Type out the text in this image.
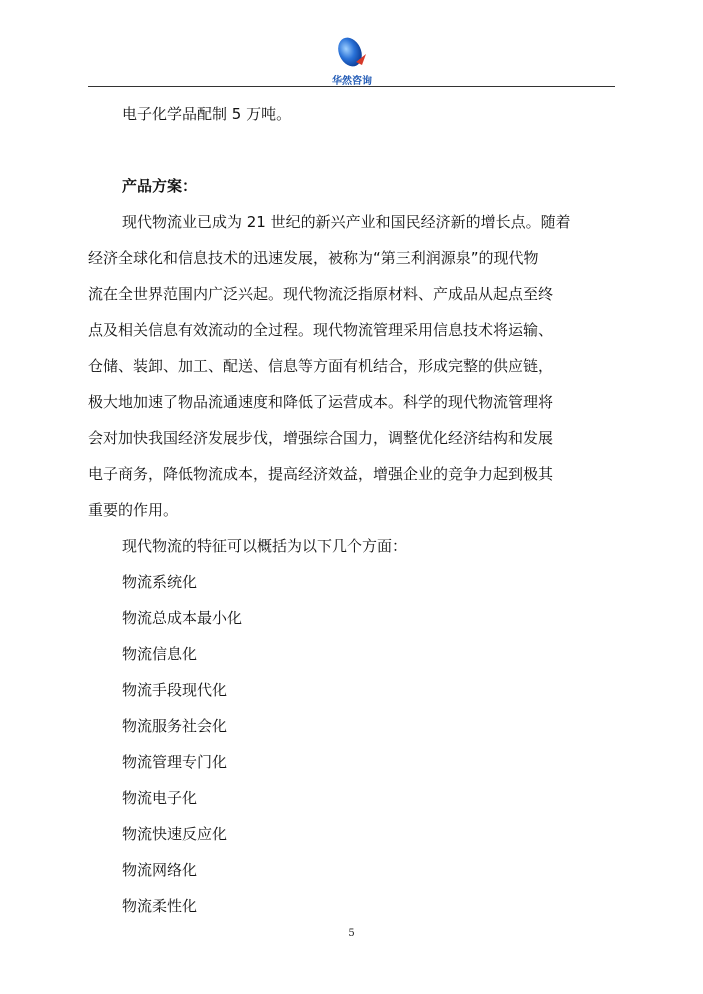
华然咨询
电子化学品配制 5 万吨。
产品方案：
现代物流业已成为 21 世纪的新兴产业和国民经济新的增长点。随着
经济全球化和信息技术的迅速发展，被称为“第三利润源泉”的现代物
流在全世界范围内广泛兴起。现代物流泛指原材料、产成品从起点至终
点及相关信息有效流动的全过程。现代物流管理采用信息技术将运输、
仓储、装卸、加工、配送、信息等方面有机结合，形成完整的供应链，
极大地加速了物品流通速度和降低了运营成本。科学的现代物流管理将
会对加快我国经济发展步伐，增强综合国力，调整优化经济结构和发展
电子商务，降低物流成本，提高经济效益，增强企业的竞争力起到极其
重要的作用。
现代物流的特征可以概括为以下几个方面：
物流系统化
物流总成本最小化
物流信息化
物流手段现代化
物流服务社会化
物流管理专门化
物流电子化
物流快速反应化
物流网络化
物流柔性化
5
